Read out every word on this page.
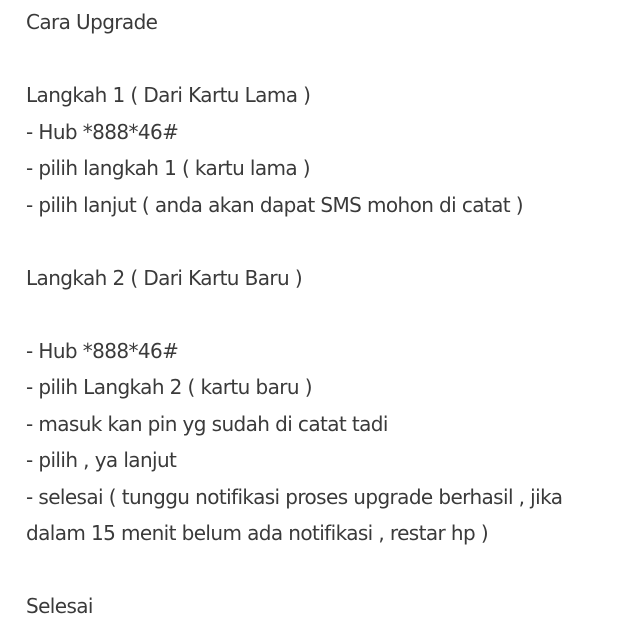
Cara Upgrade
Langkah 1 ( Dari Kartu Lama )
- Hub *888*46#
- pilih langkah 1 ( kartu lama )
- pilih lanjut ( anda akan dapat SMS mohon di catat )
Langkah 2 ( Dari Kartu Baru )
- Hub *888*46#
- pilih Langkah 2 ( kartu baru )
- masuk kan pin yg sudah di catat tadi
- pilih , ya lanjut
- selesai ( tunggu notifikasi proses upgrade berhasil , jika
dalam 15 menit belum ada notifikasi , restar hp )
Selesai
